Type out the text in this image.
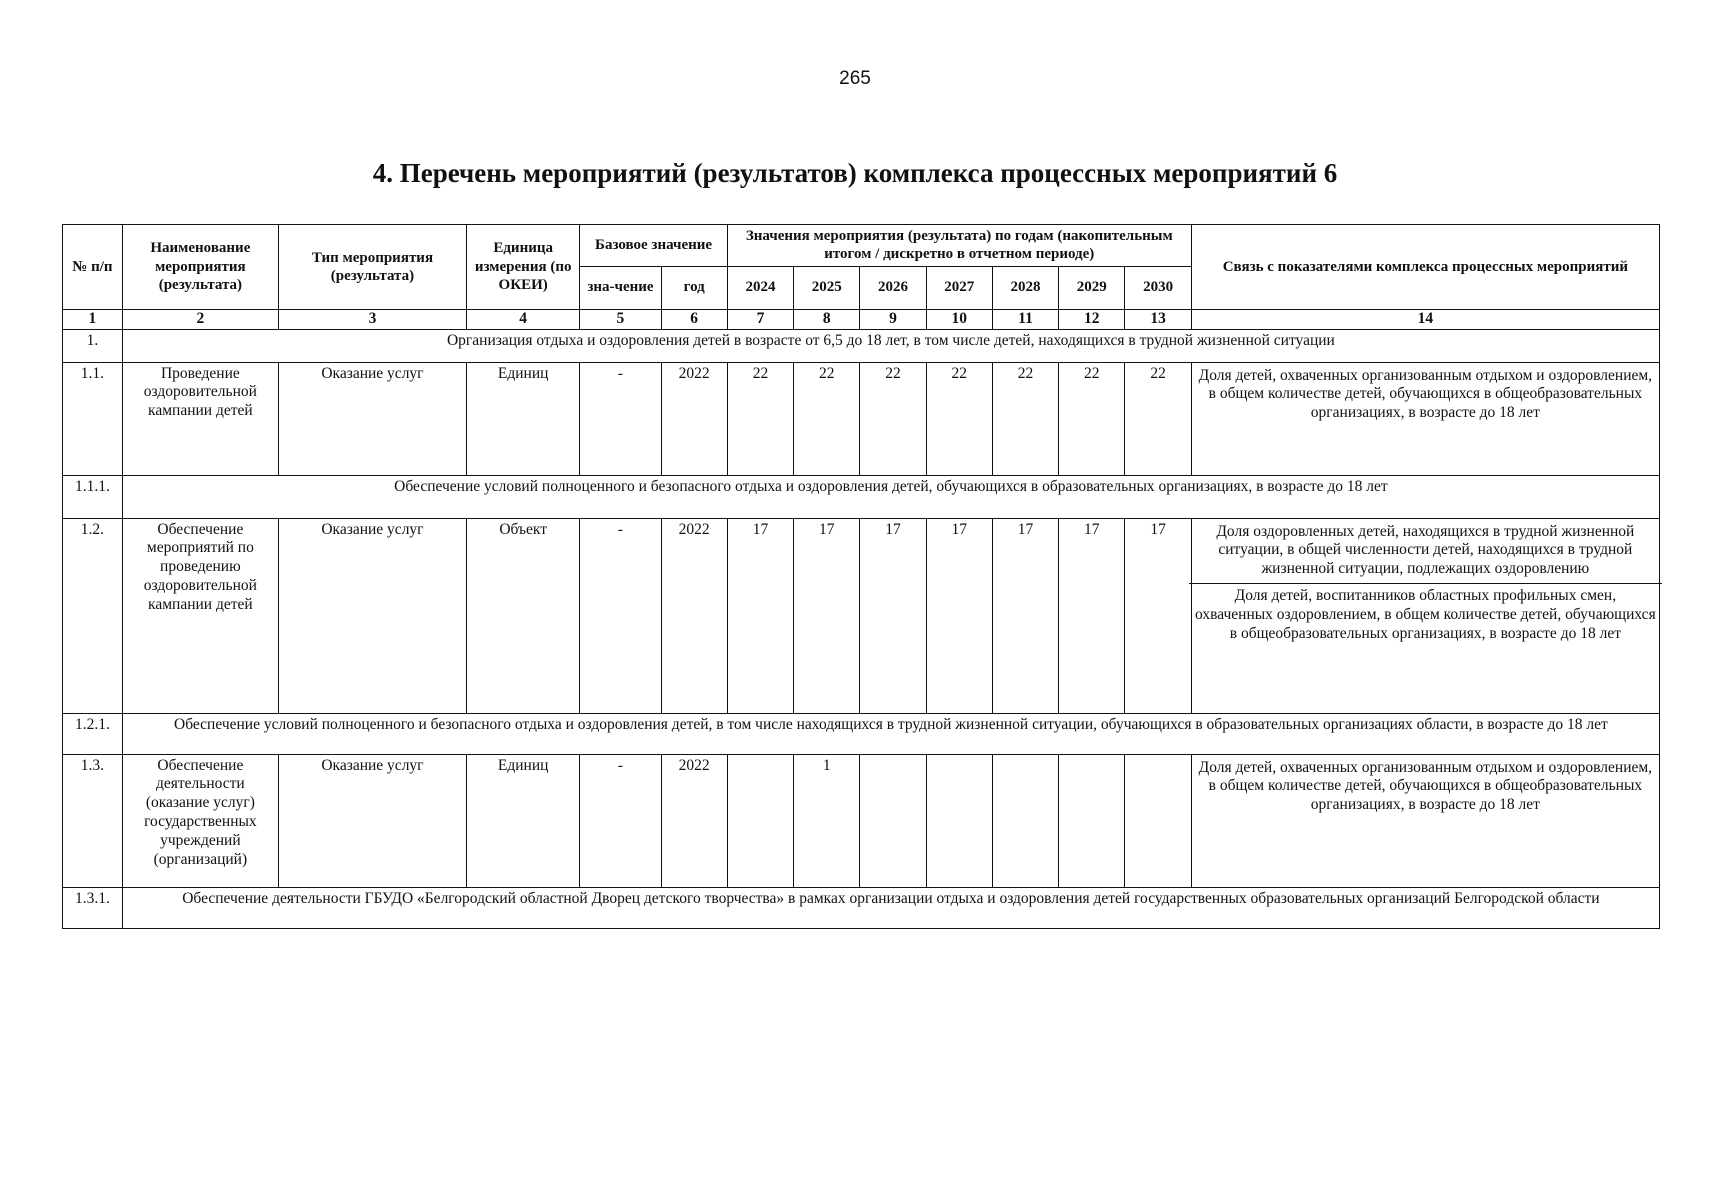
265
4. Перечень мероприятий (результатов) комплекса процессных мероприятий 6
№ п/п	Наименование мероприятия (результата)	Тип мероприятия (результата)	Единица измерения (по ОКЕИ)	Базовое значение		Значения мероприятия (результата) по годам (накопительным итогом / дискретно в отчетном периоде)							Связь с показателями комплекса процессных мероприятий
				зна-чение	год	2024	2025	2026	2027	2028	2029	2030	
1	2	3	4	5	6	7	8	9	10	11	12	13	14
1.	Организация отдыха и оздоровления детей в возрасте от 6,5 до 18 лет, в том числе детей, находящихся в трудной жизненной ситуации												
1.1.	Проведение оздоровительной кампании детей	Оказание услуг	Единиц	-	2022	22	22	22	22	22	22	22	Доля детей, охваченных организованным отдыхом и оздоровлением, в общем количестве детей, обучающихся в общеобразовательных организациях, в возрасте до 18 лет

1.1.1.	Обеспечение условий полноценного и безопасного отдыха и оздоровления детей, обучающихся в образовательных организациях, в возрасте до 18 лет												
1.2.	Обеспечение мероприятий по проведению оздоровительной кампании детей	Оказание услуг	Объект	-	2022	17	17	17	17	17	17	17	Доля оздоровленных детей, находящихся в трудной жизненной ситуации, в общей численности детей, находящихся в трудной жизненной ситуации, подлежащих оздоровлению
Доля детей, воспитанников областных профильных смен, охваченных оздоровлением, в общем количестве детей, обучающихся в общеобразовательных организациях, в возрасте до 18 лет

1.2.1.	Обеспечение условий полноценного и безопасного отдыха и оздоровления детей, в том числе находящихся в трудной жизненной ситуации, обучающихся в образовательных организациях области, в возрасте до 18 лет												
1.3.	Обеспечение деятельности (оказание услуг) государственных учреждений (организаций)	Оказание услуг	Единиц	-	2022		1						Доля детей, охваченных организованным отдыхом и оздоровлением, в общем количестве детей, обучающихся в общеобразовательных организациях, в возрасте до 18 лет

1.3.1.	Обеспечение деятельности ГБУДО «Белгородский областной Дворец детского творчества» в рамках организации отдыха и оздоровления детей государственных образовательных организаций Белгородской области												
